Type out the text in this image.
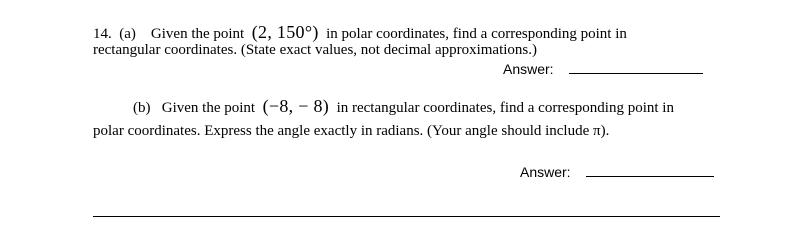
14. (a) Given the point (2, 150°) in polar coordinates, find a corresponding point in
rectangular coordinates. (State exact values, not decimal approximations.)
Answer:
(b) Given the point (−8, − 8) in rectangular coordinates, find a corresponding point in
polar coordinates. Express the angle exactly in radians. (Your angle should include π).
Answer:
